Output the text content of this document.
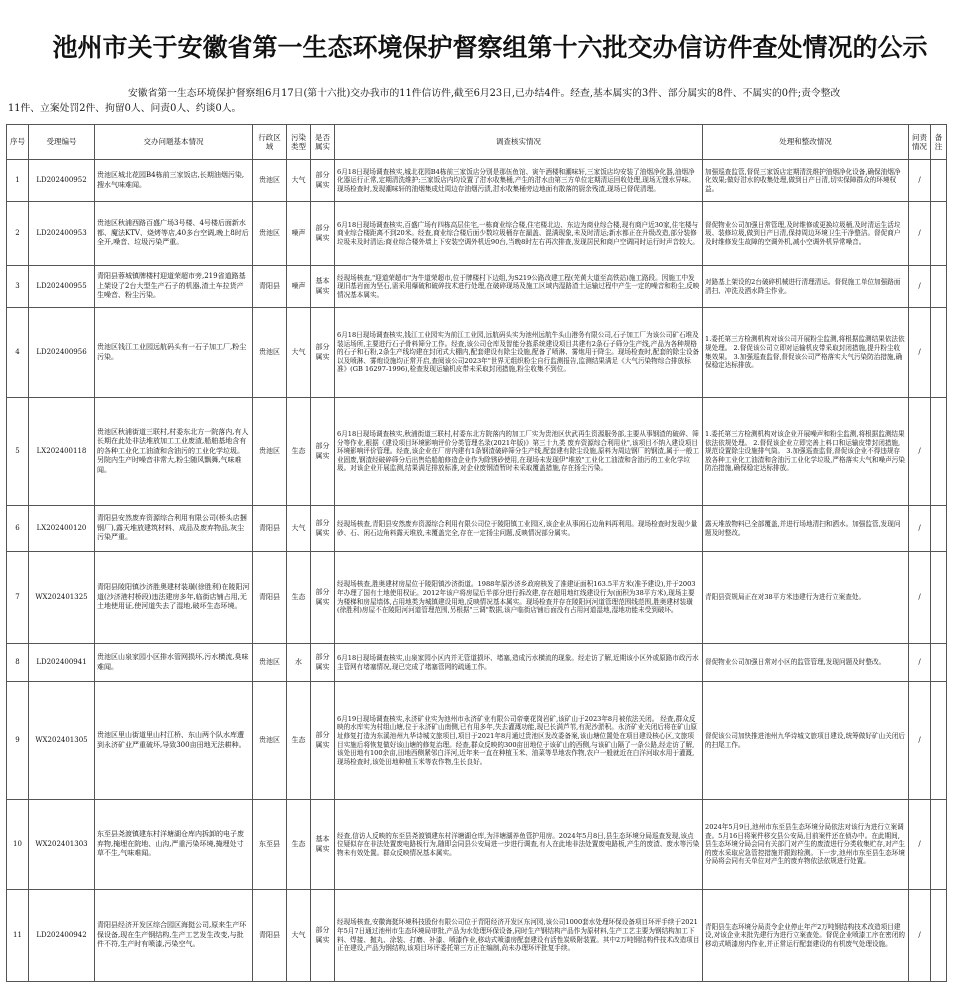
池州市关于安徽省第一生态环境保护督察组第十六批交办信访件查处情况的公示
安徽省第一生态环境保护督察组6月17日(第十六批)交办我市的11件信访件,截至6月23日,已办结4件。经查,基本属实的3件、部分属实的8件、不属实的0件;责令整改11件、立案处罚2件、拘留0人、问责0人、约谈0人。
序号	受理编号	交办问题基本情况	行政区域	污染类型	是否属实	调查核实情况	处理和整改情况	问责情况	备注
1	LD202400952	贵池区城北花园B4栋前三家饭店,长期油烟污染,搜水气味难闻。	贵池区	大气	部分属实	6月18日现场调查核实,城北花园B4栋前三家饭店分别是那伍鱼馆、寅午酒楼和潮味轩,三家饭店均安装了油烟净化器,油烟净化器运行正常,定期清洗维护;三家饭店内均设置了泔水收集桶,产生的泔水由第三方单位定期清运回收处理,现场无馊水异味。现场检查时,发现潮味轩的油烟集成灶周边存油烟污渍,泔水收集桶旁边地面有散落的厨余残渣,现场已督促清理。	加强巡查监管,督促三家饭店定期清洗维护油烟净化设备,确保油烟净化效果;做好泔水的收集处理,做到日产日清,切实保障群众的环境权益。	/	
2	LD202400953	贵池区秋浦西路百盛广场3号楼、4号楼后面新水都、魔法KTV、烧烤等店,40多台空调,晚上8时后全开,噪音、垃圾污染严重。	贵池区	噪声	部分属实	6月18日现场调查核实,百盛广场有四栋高层住宅,一栋商业综合楼,住宅楼北边、东边为商业综合楼,现有商户近30家,住宅楼与商业综合楼距离不到20米。经查,商业综合楼后面少数垃圾桶存在漏盖、混满现象,未及时清运;新水都正在升级改造,部分装修垃圾未及时清运;商业综合楼外墙上下安装空调外机近90台,当晚8时左右再次排查,发现居民和商户空调同时运行时声音较大。	督促物业公司加强日常管理,及时维修或更换垃圾桶,及时清运生活垃圾、装修垃圾,做到日产日清,保持周边环境卫生干净整洁。督促商户及时维修发生故障的空调外机,减小空调外机异常噪音。	/	
3	LD202400955	青阳县蓉城镇牌楼村迎道荣超市旁,219省道路基上架设了2台大型生产石子的机器,渣土车拉货产生噪音、粉尘污染。	青阳县	噪声	基本属实	经现场核查,"迎道荣超市"为牛道荣超市,位于牌楼村下边组,为S219公路改建工程(芜黄大道至高铁站)施工路段。因施工中发现旧基岩面为坚石,需采用爆破和破碎技术进行处理,在破碎现场及施工区域内湿路渣土运输过程中产生一定的噪音和粉尘,反映情况基本属实。	对路基上架设的2台破碎机械进行清理清运。督促施工单位加强路面清扫、冲洗及洒水降尘作业。	/	
4	LD202400956	贵池区钱江工业园远航码头有一石子加工厂,粉尘污染。	贵池区	大气	部分属实	6月18日现场调查核实,钱江工业园实为前江工业园,远航码头实为池州远航牛头山港务有限公司,石子加工厂为该公司矿石堆及装运场所,主要进行石子骨料筛分工作。经查,该公司仓库及智能分拣系统建设项目共建有2条石子筛分生产线,产品为各种规格的石子和石粉,2条生产线均建在封闭式大棚内,配套建设有除尘设施,配备了喷淋、雾炮用于降尘。现场检查时,配套的除尘设备以及喷淋、雾炮设施均正常开启,查阅该公司2023年"世界无组织粉尘自行监测报告,监测结果满足《大气污染物综合排放标准》(GB 16297-1996),检查发现运输机皮带未采取封闭措施,粉尘收集不到位。	1.委托第三方检测机构对该公司开展粉尘监测,将根据监测结果依法依规处理。 2.督促该公司立即对运输机皮带采取封闭措施,提升粉尘收集效果。 3.加强巡查监督,督促该公司严格落实大气污染防治措施,确保稳定达标排放。	/	
5	LX202400118	贵池区秋浦街道三联村,村委东北方一院落内,有人长期在此处非法堆放加工工业废渣,船舶基地含有的各种工业化工油渣和含油污的工业化学垃圾。另院内生产时噪音非常大,粉尘随风飘舞,气味难闻。	贵池区	生态	部分属实	6月18日现场调查核实,秋浦街道三联村,村委东北方院落内的加工厂实为贵池区伏武再生资源服务部,主要从事钢渣的破碎、筛分等作业,根据《建设项目环境影响评价分类管理名录(2021年版)》第三十九类 废弃资源综合利用业",该项目不纳入建设项目环境影响评价管理。经查,该企业在厂房内建有1条钢渣破碎筛分生产线,配套建有除尘设施,原料为周边钢厂的钢渣,属于一般工业固废,钢渣经破碎筛分后出售给船舶修造企业作为除锈砂使用,在现场未发现伊"堆放"工业化工油渣和含油污的工业化学垃圾。对该企业开展监测,结果满足排放标准,对企业废钢渣暂时未采取覆盖措施,存在扬尘污染。	1.委托第三方检测机构对该企业开展噪声和粉尘监测,将根据监测结果依法依规处理。 2.督促该企业立即完善上料口和运输皮带封闭措施,规范设置除尘设施排气筒。 3.加强巡查监督,督促该企业不得违规存放各种工业化工油渣和含油污工业化学垃圾,严格落实大气和噪声污染防治措施,确保稳定达标排放。	/	
6	LX202400120	青阳县安然废弃资源综合利用有限公司(桥头店捆钢厂),露天堆放建筑材料、成品及废弃物品,灰尘污染严重。	青阳县	大气	部分属实	经现场核查,青阳县安然废弃资源综合利用有限公司位于陵阳镇工业园区,该企业从事闲石边角料再利用。现场检查时发现少量砂、石、闲石边角料露天堆放,未覆盖完全,存在一定扬尘问题,反映情况部分属实。	露天堆放物料已全部覆盖,并进行场地清扫和洒水。加强监管,发现问题及时整改。	/	
7	WX202401325	青阳县陵阳镇沙济胜奥建材装璜(徐胜利)在陵阳河道(沙济港村桥段)违法建房多年,临街店铺占用,无土地使用证,使河道失去了湿地,破坏生态环境。	青阳县	生态	部分属实	经现场核查,胜奥建材房屋位于陵阳镇沙济街道。1988年原沙济乡政府核发了准建证面积163.5平方米(准予建设),并于2003年办理了国有土地使用权证。2012年该户将房屋后半部分进行拆改建,存在超用地红线建设行为(面积为38平方米),现场主要为楼梯和房屋墙体,占用地类为城镇建设用地,反映情况基本属实。现场检查并存在陵阳河河道管理范围线范围,胜奥建材装璜(徐胜利)房屋不在陵阳河河道管理范围,另根据"三调"数据,该户临街店铺后面没有占用河道湿地,湿地功能未受到破坏。	青阳县资规局正在对38平方米违建行为进行立案查处。	/	
8	LD202400941	贵池区山泉家园小区排水管网损坏,污水横流,臭味难闻。	贵池区	水	部分属实	6月18日现场调查核实,山泉家园小区内并无管道损坏、堵塞,造成污水横流的现象。经走访了解,近期该小区外或原路市政污水主管网有堵塞情况,现已完成了堵塞管网的疏通工作。	督促物业公司加强日常对小区的监管管理,发现问题及时整改。	/	
9	WX202401305	贵池区里山街道里山村江桥、东山两个队水库遭到永济矿业严重破坏,导致300亩田地无法耕种。	贵池区	生态	部分属实	6月19日现场调查核实,永济矿业实为池州市永济矿业有限公司帝豪花岗岩矿,该矿山于2023年8月被依法关闭。 经查,群众反映的水库实为村组山塘,位于永济矿山南侧,已有用多年,失去灌溉功能,现已长满芦苇,有泥沙淤积。永济矿业关闭后将在矿山原址修复打造为东溪池州九华诗城文旅项目,项目于2021年8月通过贵池区发改委备案,该山塘位置处在项目建设核心区,文旅项目实施后将恢复做好该山塘的修复治理。经查,群众反映的300亩田地位于该矿山的西侧,与该矿山隔了一条公路,经走访了解,该处田地有100余亩,田地西侧紧邻白洋河,近年来一直在种植玉米、油菜等旱地农作物,农户一般就近在白洋河取水用于灌溉,现场检查时,该处田地种植玉米等农作物,生长良好。	督促该公司加快推进池州九华诗城文旅项目建设,统筹做好矿山关闭后的扫尾工作。	/	
10	WX202401303	东至县尧渡镇建东村洋塘湖仓库内拆卸的电子废弃物,掩埋在院地、山沟,严重污染环境,掩埋处寸草不生,气味难闻。	东至县	生态	基本属实	经查,信访人反映的东至县尧渡镇建东村洋塘湖仓库,为洋塘湖养鱼管护用房。2024年5月8日,县生态环境分局巡查发现,该点位疑似存在非法处置废电路板行为,随即会同县公安局进一步进行调查,有人在此地非法处置废电路板,产生的废渣、废水等污染物未有效处置。群众反映情况基本属实。	2024年5月9日,池州市东至县生态环境分局依法对该行为进行立案调查。5月16日将案件移交县公安局,目前案件还在侦办中。在此期间,县生态环境分局会同有关部门对产生的废渣进行分类收集贮存,对产生的废水采取应急管控措施并跟踪检测。下一步,池州市东至县生态环境分局将会同有关单位对产生的废弃物依法依规进行处置。	/	
11	LD202400942	青阳县经济开发区综合园区海挺公司,原来生产环保设备,现在生产钢结构,生产工艺发生改变,与批件不符,生产时有喷漆,污染空气。	青阳县	大气	部分属实	经现场核查,安徽海挺环境科技股份有限公司位于青阳经济开发区东河园,该公司1000套水处理环保设备项目环评手续于2021年5月7日通过池州市生态环境局审批,产品为水处理环保设备,同时生产钢结构产品作为原材料,生产工艺主要为钢结构加工下料、焊接、抛丸、涂装、打磨、补漆、喷漆作业,移动式喷漆房配套建设有活性炭吸附装置。其中2万吨钢结构件技术改造项目正在建设,产品为钢结构,该项目环评委托第三方正在编制,尚未办理环评批复手续。	青阳县生态环境分局责令企业停止年产2万吨钢结构技术改造项目建设,对该企业未批先建行为进行立案查处。督促企业喷漆工序在密闭的移动式喷漆房内作业,并正常运行配套建设的有机废气处理设施。	/	
